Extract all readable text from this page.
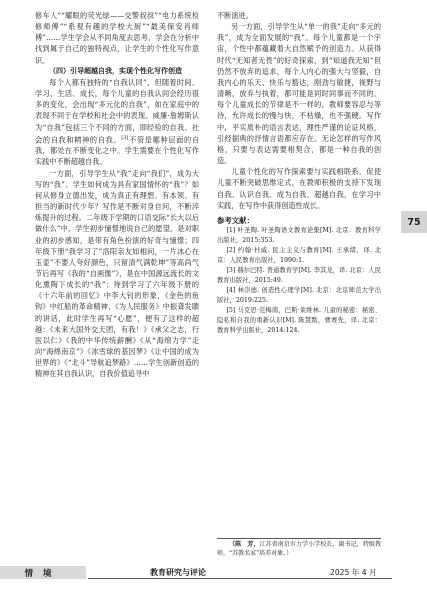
修车人”“耀眼的荧光绿——交警叔叔”“电力系统检修师傅”“系观有趣的学校大厨”“最美保安肖师傅”……学生学会从不同角度去思考，学会在分析中找到属于自己的独特视点，让学生的个性化写作意识。

（四）引导超越自我，实现个性化写作创造

每个人都有独特的“自我认同”，但随着时间、学习、生活、成长，每个儿童的自我认同会经历很多的变化，会出现“多元化的自我”，如在家庭中的表现不同于在学校和社会中的表现。威廉·詹姆斯认为“自我”包括三个不同的方面，即经验的自我、社会的自我和精神的自我。[3]不管是哪种层面的自我，都处在不断变化之中。学生需要在个性化写作实践中不断超越自我。

一方面，引导学生从“我”走向“我们”，成为大写的“我”。学生如何成为具有家国情怀的“我”？如何从修身立德出发，成为真正有理想、有本领、有担当的新时代少年？写作是不断对身自问，不断淬炼提升的过程。二年级下学期的口语交际“长大以后做什么”中，学生初步憧憬地说自己的愿望，是对职业的初步感知，是带有角色扮演的好奇与憧憬；四年级下册“我学习了”洛阳亲友如相问，一片冰心在玉壶”不要人夸好颜色，只留清气满乾坤”等高尚气节后再写《我的“自画像”》，是在中国源远流长的文化熏陶下成长的“我”；待到学习了六年级下册的《十六年前的回忆》中李大钊的形象，《金色的鱼钩》中红船的革命精神、《为人民服务》中振聋发聩的讲话，此时学生再写“心愿”，便有了这样的超越：《未来大国外交天团，有我！》《承父之志，行医以仁》《我的中华传统薪酬》《从“海绵力学”走向“海绵南京”》《冰雪球的基因梦》《让中国的成为世界的》《“北斗”导航追梦路》……学生创新创造的精神在其自我认识，自我价值追寻中

不断演进。

另一方面，引导学生从“单一的我”走向“多元的我”，成为全面发展的“我”。每个儿童都是一个宇宙，个性中都蕴藏着大自然赋予的创造力。从获得时代“无知者无畏”的好奇探索，到“知道我无知”但仍然不放弃的追求，每个人内心的强大与坚毅，自我内心的乐天、快乐与豁达，刚劲与敏捷，视野与清晰，放弃与执着，都可能是同时同事而不同的。每个儿童成长的节律是不一样的，教师要容忍与等待，允许成长的慢与快，不枯燥，也不强硬。写作中，平实质朴的语言表达，理性严谨的论证风格，引经据典的抒情言语都应存在。无论怎样的写作风格，只要与表达需要相契合，都是一种自我的创造。

儿童个性化的写作探索要与实践相联系，促使儿童不断突破思维定式，在教师积极的支持下发现自我、认识自我、成为自我、超越自我，在学习中实践，在写作中获得创造性成长。

参考文献：
[1] 叶圣陶. 叶圣陶语文教育论集[M]. 北京：教育科学出版社，2015:353.
[2] 约翰·杜威. 民主主义与教育[M]. 王承绪，译. 北京：人民教育出版社，1990:1.
[3] 赫尔巴特. 普通教育学[M]. 李其龙，译. 北京：人民教育出版社，2015:49.
[4] 林崇德. 创造性心理学[M]. 北京：北京师范大学出版社，2019:225.
[5] 马克思·范梅南，巴斯·莱维林. 儿童的秘密：秘密、隐私和自我的重新认识[M]. 陈慧黠，曹赛先，译. 北京：教育科学出版社，2014:124.
（陈　芳，江苏省南京市力学小学校长，副书记，特级教师，“苏教名家”培养对象。）
75
情境	教育研究与评论	2025 年 4 月
